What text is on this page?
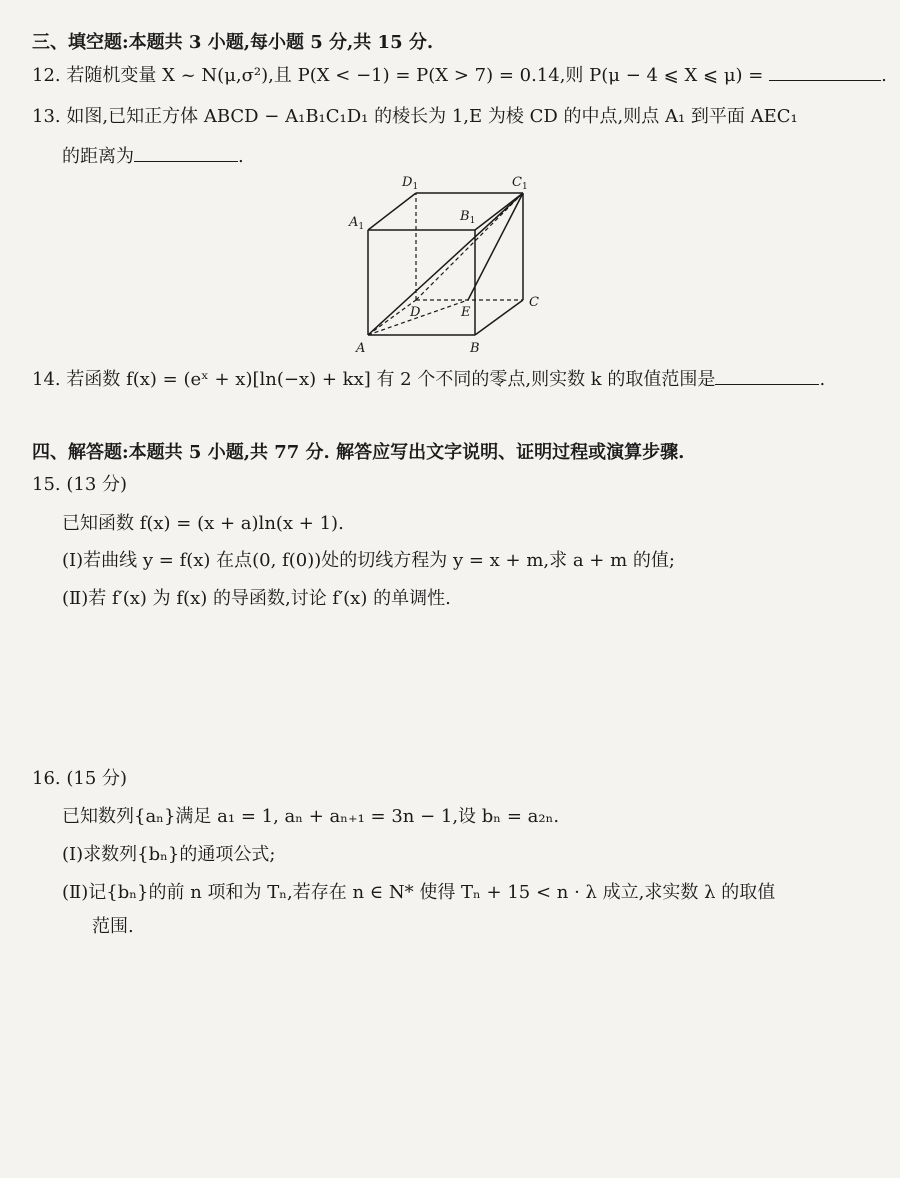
三、填空题:本题共 3 小题,每小题 5 分,共 15 分.
12. 若随机变量 X ~ N(μ,σ²),且 P(X < −1) = P(X > 7) = 0.14,则 P(μ − 4 ⩽ X ⩽ μ) =	.
13. 如图,已知正方体 ABCD − A₁B₁C₁D₁ 的棱长为 1,E 为棱 CD 的中点,则点 A₁ 到平面 AEC₁
的距离为	.
$D_1$	$C_1$
$A_1$
$B_1$
D	E
C
A	B
14. 若函数 f(x) = (eˣ + x)[ln(−x) + kx] 有 2 个不同的零点,则实数 k 的取值范围是	.
四、解答题:本题共 5 小题,共 77 分. 解答应写出文字说明、证明过程或演算步骤.
15. (13 分)
已知函数 f(x) = (x + a)ln(x + 1).
(Ⅰ)若曲线 y = f(x) 在点(0, f(0))处的切线方程为 y = x + m,求 a + m 的值;
(Ⅱ)若 f′(x) 为 f(x) 的导函数,讨论 f′(x) 的单调性.
16. (15 分)
已知数列{aₙ}满足 a₁ = 1, aₙ + aₙ₊₁ = 3n − 1,设 bₙ = a₂ₙ.
(Ⅰ)求数列{bₙ}的通项公式;
(Ⅱ)记{bₙ}的前 n 项和为 Tₙ,若存在 n ∈ N* 使得 Tₙ + 15 < n · λ 成立,求实数 λ 的取值
范围.
